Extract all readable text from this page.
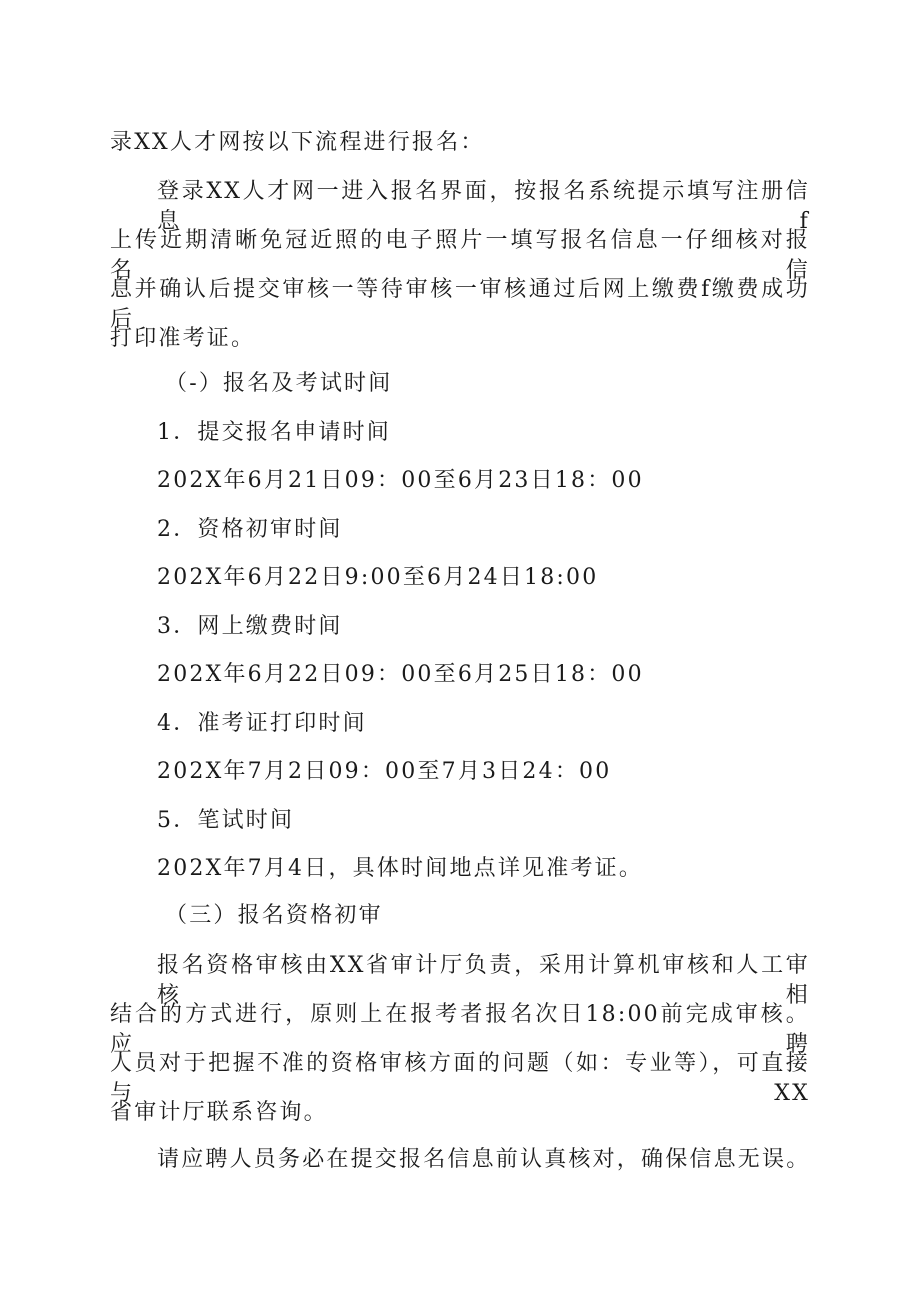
录XX人才网按以下流程进行报名：
登录XX人才网一进入报名界面，按报名系统提示填写注册信息f
上传近期清晰免冠近照的电子照片一填写报名信息一仔细核对报名信
息并确认后提交审核一等待审核一审核通过后网上缴费f缴费成功后
打印准考证。
（-）报名及考试时间
1．提交报名申请时间
202X年6月21日09：00至6月23日18：00
2．资格初审时间
202X年6月22日9:00至6月24日18:00
3．网上缴费时间
202X年6月22日09：00至6月25日18：00
4．准考证打印时间
202X年7月2日09：00至7月3日24：00
5．笔试时间
202X年7月4日，具体时间地点详见准考证。
（三）报名资格初审
报名资格审核由XX省审计厅负责，采用计算机审核和人工审核相
结合的方式进行，原则上在报考者报名次日18:00前完成审核。应聘
人员对于把握不准的资格审核方面的问题（如：专业等），可直接与XX
省审计厅联系咨询。
请应聘人员务必在提交报名信息前认真核对，确保信息无误。
